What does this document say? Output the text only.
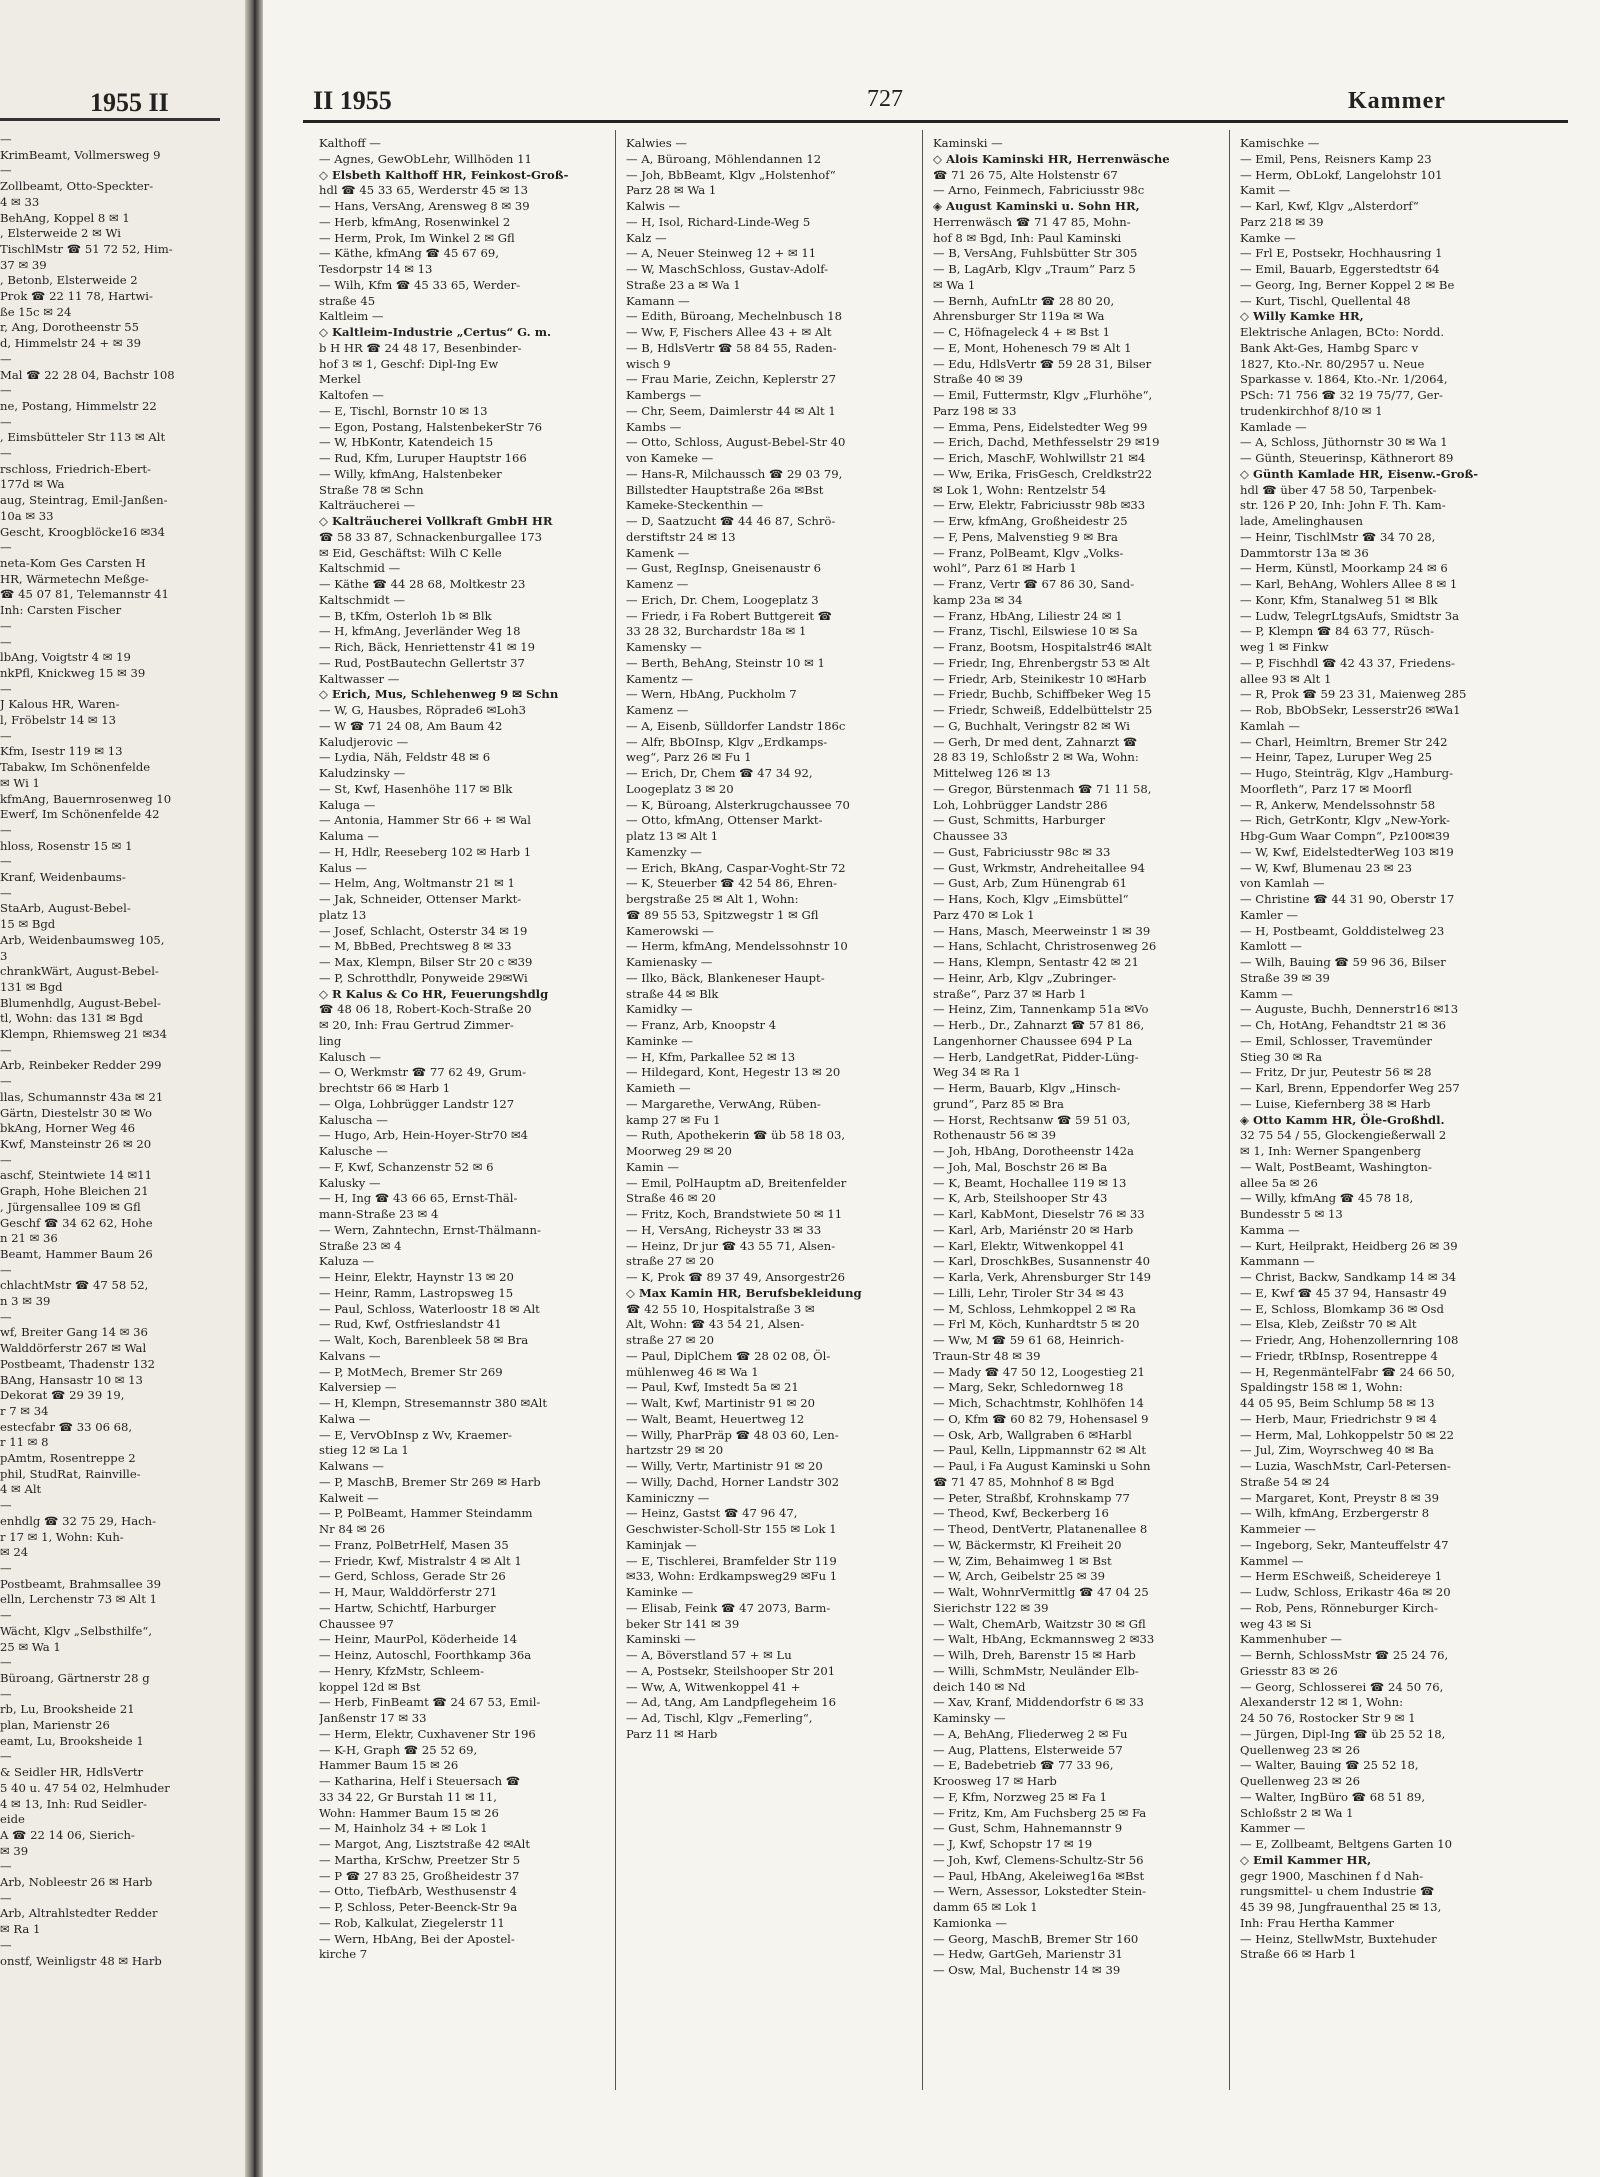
1955 II
—
KrimBeamt, Vollmersweg 9
—
Zollbeamt, Otto-Speckter-
4 ✉ 33
BehAng, Koppel 8 ✉ 1
, Elsterweide 2 ✉ Wi
TischlMstr ☎ 51 72 52, Him-
37 ✉ 39
, Betonb, Elsterweide 2
Prok ☎ 22 11 78, Hartwi-
ße 15c ✉ 24
r, Ang, Dorotheenstr 55
d, Himmelstr 24 + ✉ 39
—
Mal ☎ 22 28 04, Bachstr 108
—
ne, Postang, Himmelstr 22
—
, Eimsbütteler Str 113 ✉ Alt
—
rschloss, Friedrich-Ebert-
177d ✉ Wa
aug, Steintrag, Emil-Janßen-
10a ✉ 33
Gescht, Kroogblöcke16 ✉34
—
neta-Kom Ges Carsten H
HR, Wärmetechn Meßge-
☎ 45 07 81, Telemannstr 41
Inh: Carsten Fischer
—
—
lbAng, Voigtstr 4 ✉ 19
nkPfl, Knickweg 15 ✉ 39
—
J Kalous HR, Waren-
l, Fröbelstr 14 ✉ 13
—
Kfm, Isestr 119 ✉ 13
Tabakw, Im Schönenfelde
✉ Wi 1
kfmAng, Bauernrosenweg 10
Ewerf, Im Schönenfelde 42
—
hloss, Rosenstr 15 ✉ 1
—
Kranf, Weidenbaums-
—
StaArb, August-Bebel-
15 ✉ Bgd
Arb, Weidenbaumsweg 105,
3
chrankWärt, August-Bebel-
131 ✉ Bgd
Blumenhdlg, August-Bebel-
tl, Wohn: das 131 ✉ Bgd
Klempn, Rhiemsweg 21 ✉34
—
Arb, Reinbeker Redder 299
—
llas, Schumannstr 43a ✉ 21
Gärtn, Diestelstr 30 ✉ Wo
bkAng, Horner Weg 46
Kwf, Mansteinstr 26 ✉ 20
—
aschf, Steintwiete 14 ✉11
Graph, Hohe Bleichen 21
, Jürgensallee 109 ✉ Gfl
Geschf ☎ 34 62 62, Hohe
n 21 ✉ 36
Beamt, Hammer Baum 26
—
chlachtMstr ☎ 47 58 52,
n 3 ✉ 39
—
wf, Breiter Gang 14 ✉ 36
Walddörferstr 267 ✉ Wal
Postbeamt, Thadenstr 132
BAng, Hansastr 10 ✉ 13
Dekorat ☎ 29 39 19,
r 7 ✉ 34
estecfabr ☎ 33 06 68,
r 11 ✉ 8
pAmtm, Rosentreppe 2
phil, StudRat, Rainville-
4 ✉ Alt
—
enhdlg ☎ 32 75 29, Hach-
r 17 ✉ 1, Wohn: Kuh-
✉ 24
—
Postbeamt, Brahmsallee 39
elln, Lerchenstr 73 ✉ Alt 1
—
Wächt, Klgv „Selbsthilfe“,
25 ✉ Wa 1
—
Büroang, Gärtnerstr 28 g
—
rb, Lu, Brooksheide 21
plan, Marienstr 26
eamt, Lu, Brooksheide 1
—
& Seidler HR, HdlsVertr
5 40 u. 47 54 02, Helmhuder
4 ✉ 13, Inh: Rud Seidler-
eide
A ☎ 22 14 06, Sierich-
✉ 39
—
Arb, Nobleestr 26 ✉ Harb
—
Arb, Altrahlstedter Redder
✉ Ra 1
—
onstf, Weinligstr 48 ✉ Harb
II 1955	727	Kammer
Kalthoff —
— Agnes, GewObLehr, Willhöden 11
◇ Elsbeth Kalthoff HR, Feinkost-Groß-
hdl ☎ 45 33 65, Werderstr 45 ✉ 13
— Hans, VersAng, Arensweg 8 ✉ 39
— Herb, kfmAng, Rosenwinkel 2
— Herm, Prok, Im Winkel 2 ✉ Gfl
— Käthe, kfmAng ☎ 45 67 69,
Tesdorpstr 14 ✉ 13
— Wilh, Kfm ☎ 45 33 65, Werder-
straße 45
Kaltleim —
◇ Kaltleim-Industrie „Certus“ G. m.
b H HR ☎ 24 48 17, Besenbinder-
hof 3 ✉ 1, Geschf: Dipl-Ing Ew
Merkel
Kaltofen —
— E, Tischl, Bornstr 10 ✉ 13
— Egon, Postang, HalstenbekerStr 76
— W, HbKontr, Katendeich 15
— Rud, Kfm, Luruper Hauptstr 166
— Willy, kfmAng, Halstenbeker
Straße 78 ✉ Schn
Kalträucherei —
◇ Kalträucherei Vollkraft GmbH HR
☎ 58 33 87, Schnackenburgallee 173
✉ Eid, Geschäftst: Wilh C Kelle
Kaltschmid —
— Käthe ☎ 44 28 68, Moltkestr 23
Kaltschmidt —
— B, tKfm, Osterloh 1b ✉ Blk
— H, kfmAng, Jeverländer Weg 18
— Rich, Bäck, Henriettenstr 41 ✉ 19
— Rud, PostBautechn Gellertstr 37
Kaltwasser —
◇ Erich, Mus, Schlehenweg 9 ✉ Schn
— W, G, Hausbes, Röpradе6 ✉Loh3
— W ☎ 71 24 08, Am Baum 42
Kaludjerovic —
— Lydia, Näh, Feldstr 48 ✉ 6
Kaludzinsky —
— St, Kwf, Hasenhöhe 117 ✉ Blk
Kaluga —
— Antonia, Hammer Str 66 + ✉ Wal
Kaluma —
— H, Hdlr, Reeseberg 102 ✉ Harb 1
Kalus —
— Helm, Ang, Woltmanstr 21 ✉ 1
— Jak, Schneider, Ottenser Markt-
platz 13
— Josef, Schlacht, Osterstr 34 ✉ 19
— M, BbBed, Prechtsweg 8 ✉ 33
— Max, Klempn, Bilser Str 20 c ✉39
— P, Schrotthdlr, Ponyweide 29✉Wi
◇ R Kalus & Co HR, Feuerungshdlg
☎ 48 06 18, Robert-Koch-Straße 20
✉ 20, Inh: Frau Gertrud Zimmer-
ling
Kalusch —
— O, Werkmstr ☎ 77 62 49, Grum-
brechtstr 66 ✉ Harb 1
— Olga, Lohbrügger Landstr 127
Kaluscha —
— Hugo, Arb, Hein-Hoyer-Str70 ✉4
Kalusche —
— F, Kwf, Schanzenstr 52 ✉ 6
Kalusky —
— H, Ing ☎ 43 66 65, Ernst-Thäl-
mann-Straße 23 ✉ 4
— Wern, Zahntechn, Ernst-Thälmann-
Straße 23 ✉ 4
Kaluza —
— Heinr, Elektr, Haynstr 13 ✉ 20
— Heinr, Ramm, Lastropsweg 15
— Paul, Schloss, Waterloostr 18 ✉ Alt
— Rud, Kwf, Ostfrieslandstr 41
— Walt, Koch, Barenbleek 58 ✉ Bra
Kalvans —
— P, MotMech, Bremer Str 269
Kalversiep —
— H, Klempn, Stresemannstr 380 ✉Alt
Kalwa —
— E, VervObInsp z Wv, Kraemer-
stieg 12 ✉ La 1
Kalwans —
— P, MaschB, Bremer Str 269 ✉ Harb
Kalweit —
— P, PolBeamt, Hammer Steindamm
Nr 84 ✉ 26
— Franz, PolBetrHelf, Masen 35
— Friedr, Kwf, Mistralstr 4 ✉ Alt 1
— Gerd, Schloss, Gerade Str 26
— H, Maur, Walddörferstr 271
— Hartw, Schichtf, Harburger
Chaussee 97
— Heinr, MaurPol, Köderheide 14
— Heinz, Autoschl, Foorthkamp 36a
— Henry, KfzMstr, Schleem-
koppel 12d ✉ Bst
— Herb, FinBeamt ☎ 24 67 53, Emil-
Janßenstr 17 ✉ 33
— Herm, Elektr, Cuxhavener Str 196
— K-H, Graph ☎ 25 52 69,
Hammer Baum 15 ✉ 26
— Katharina, Helf i Steuersach ☎
33 34 22, Gr Burstah 11 ✉ 11,
Wohn: Hammer Baum 15 ✉ 26
— M, Hainholz 34 + ✉ Lok 1
— Margot, Ang, Lisztstraße 42 ✉Alt
— Martha, KrSchw, Preetzer Str 5
— P ☎ 27 83 25, Großheidestr 37
— Otto, TiefbArb, Westhusenstr 4
— P, Schloss, Peter-Beenck-Str 9a
— Rob, Kalkulat, Ziegelerstr 11
— Wern, HbAng, Bei der Apostel-
kirche 7
Kalwies —
— A, Büroang, Möhlendannen 12
— Joh, BbBeamt, Klgv „Holstenhof“
Parz 28 ✉ Wa 1
Kalwis —
— H, Isol, Richard-Linde-Weg 5
Kalz —
— A, Neuer Steinweg 12 + ✉ 11
— W, MaschSchloss, Gustav-Adolf-
Straße 23 a ✉ Wa 1
Kamann —
— Edith, Büroang, Mechelnbusch 18
— Ww, F, Fischers Allee 43 + ✉ Alt
— B, HdlsVertr ☎ 58 84 55, Raden-
wisch 9
— Frau Marie, Zeichn, Keplerstr 27
Kambergs —
— Chr, Seem, Daimlerstr 44 ✉ Alt 1
Kambs —
— Otto, Schloss, August-Bebel-Str 40
von Kameke —
— Hans-R, Milchaussch ☎ 29 03 79,
Billstedter Hauptstraße 26a ✉Bst
Kameke-Steckenthin —
— D, Saatzucht ☎ 44 46 87, Schrö-
derstiftstr 24 ✉ 13
Kamenk —
— Gust, RegInsp, Gneisenaustr 6
Kamenz —
— Erich, Dr. Chem, Loogeplatz 3
— Friedr, i Fa Robert Buttgereit ☎
33 28 32, Burchardstr 18a ✉ 1
Kamensky —
— Berth, BehAng, Steinstr 10 ✉ 1
Kamentz —
— Wern, HbAng, Puckholm 7
Kamenz —
— A, Eisenb, Sülldorfer Landstr 186c
— Alfr, BbOInsp, Klgv „Erdkamps-
weg“, Parz 26 ✉ Fu 1
— Erich, Dr, Chem ☎ 47 34 92,
Loogeplatz 3 ✉ 20
— K, Büroang, Alsterkrugchaussee 70
— Otto, kfmAng, Ottenser Markt-
platz 13 ✉ Alt 1
Kamenzky —
— Erich, BkAng, Caspar-Voght-Str 72
— K, Steuerber ☎ 42 54 86, Ehren-
bergstraße 25 ✉ Alt 1, Wohn:
☎ 89 55 53, Spitzwegstr 1 ✉ Gfl
Kamerowski —
— Herm, kfmAng, Mendelssohnstr 10
Kamienasky —
— Ilko, Bäck, Blankeneser Haupt-
straße 44 ✉ Blk
Kamidky —
— Franz, Arb, Knoopstr 4
Kaminke —
— H, Kfm, Parkallee 52 ✉ 13
— Hildegard, Kont, Hegestr 13 ✉ 20
Kamieth —
— Margarethe, VerwAng, Rüben-
kamp 27 ✉ Fu 1
— Ruth, Apothekerin ☎ üb 58 18 03,
Moorweg 29 ✉ 20
Kamin —
— Emil, PolHauptm aD, Breitenfelder
Straße 46 ✉ 20
— Fritz, Koch, Brandstwiete 50 ✉ 11
— H, VersAng, Richeystr 33 ✉ 33
— Heinz, Dr jur ☎ 43 55 71, Alsen-
straße 27 ✉ 20
— K, Prok ☎ 89 37 49, Ansorgestr26
◇ Max Kamin HR, Berufsbekleidung
☎ 42 55 10, Hospitalstraße 3 ✉
Alt, Wohn: ☎ 43 54 21, Alsen-
straße 27 ✉ 20
— Paul, DiplChem ☎ 28 02 08, Öl-
mühlenweg 46 ✉ Wa 1
— Paul, Kwf, Imstedt 5a ✉ 21
— Walt, Kwf, Martinistr 91 ✉ 20
— Walt, Beamt, Heuertweg 12
— Willy, PharPräp ☎ 48 03 60, Len-
hartzstr 29 ✉ 20
— Willy, Vertr, Martinistr 91 ✉ 20
— Willy, Dachd, Horner Landstr 302
Kaminiczny —
— Heinz, Gastst ☎ 47 96 47,
Geschwister-Scholl-Str 155 ✉ Lok 1
Kaminjak —
— E, Tischlerei, Bramfelder Str 119
✉33, Wohn: Erdkampsweg29 ✉Fu 1
Kaminke —
— Elisab, Feink ☎ 47 2073, Barm-
beker Str 141 ✉ 39
Kaminski —
— A, Böverstland 57 + ✉ Lu
— A, Postsekr, Steilshooper Str 201
— Ww, A, Witwenkoppel 41 +
— Ad, tAng, Am Landpflegeheim 16
— Ad, Tischl, Klgv „Femerling“,
Parz 11 ✉ Harb
Kaminski —
◇ Alois Kaminski HR, Herrenwäsche
☎ 71 26 75, Alte Holstenstr 67
— Arno, Feinmech, Fabriciusstr 98c
◈ August Kaminski u. Sohn HR,
Herrenwäsch ☎ 71 47 85, Mohn-
hof 8 ✉ Bgd, Inh: Paul Kaminski
— B, VersAng, Fuhlsbütter Str 305
— B, LagArb, Klgv „Traum“ Parz 5
✉ Wa 1
— Bernh, AufnLtr ☎ 28 80 20,
Ahrensburger Str 119a ✉ Wa
— C, Höfnageleck 4 + ✉ Bst 1
— E, Mont, Hohenesch 79 ✉ Alt 1
— Edu, HdlsVertr ☎ 59 28 31, Bilser
Straße 40 ✉ 39
— Emil, Futtermstr, Klgv „Flurhöhe“,
Parz 198 ✉ 33
— Emma, Pens, Eidelstedter Weg 99
— Erich, Dachd, Methfesselstr 29 ✉19
— Erich, MaschF, Wohlwillstr 21 ✉4
— Ww, Erika, FrisGesch, Creldkstr22
✉ Lok 1, Wohn: Rentzelstr 54
— Erw, Elektr, Fabriciusstr 98b ✉33
— Erw, kfmAng, Großheidestr 25
— F, Pens, Malvenstieg 9 ✉ Bra
— Franz, PolBeamt, Klgv „Volks-
wohl“, Parz 61 ✉ Harb 1
— Franz, Vertr ☎ 67 86 30, Sand-
kamp 23a ✉ 34
— Franz, HbAng, Liliestr 24 ✉ 1
— Franz, Tischl, Eilswiese 10 ✉ Sa
— Franz, Bootsm, Hospitalstr46 ✉Alt
— Friedr, Ing, Ehrenbergstr 53 ✉ Alt
— Friedr, Arb, Steinikestr 10 ✉Harb
— Friedr, Buchb, Schiffbeker Weg 15
— Friedr, Schweiß, Eddelbüttelstr 25
— G, Buchhalt, Veringstr 82 ✉ Wi
— Gerh, Dr med dent, Zahnarzt ☎
28 83 19, Schloßstr 2 ✉ Wa, Wohn:
Mittelweg 126 ✉ 13
— Gregor, Bürstenmach ☎ 71 11 58,
Loh, Lohbrügger Landstr 286
— Gust, Schmitts, Harburger
Chaussee 33
— Gust, Fabriciusstr 98c ✉ 33
— Gust, Wrkmstr, Andreheitallee 94
— Gust, Arb, Zum Hünengrab 61
— Hans, Koch, Klgv „Eimsbüttel“
Parz 470 ✉ Lok 1
— Hans, Masch, Meerweinstr 1 ✉ 39
— Hans, Schlacht, Christrosenweg 26
— Hans, Klempn, Sentastr 42 ✉ 21
— Heinr, Arb, Klgv „Zubringer-
straße“, Parz 37 ✉ Harb 1
— Heinz, Zim, Tannenkamp 51a ✉Vo
— Herb., Dr., Zahnarzt ☎ 57 81 86,
Langenhorner Chaussee 694 P La
— Herb, LandgetRat, Pidder-Lüng-
Weg 34 ✉ Ra 1
— Herm, Bauarb, Klgv „Hinsch-
grund“, Parz 85 ✉ Bra
— Horst, Rechtsanw ☎ 59 51 03,
Rothenaustr 56 ✉ 39
— Joh, HbAng, Dorotheenstr 142a
— Joh, Mal, Boschstr 26 ✉ Ba
— K, Beamt, Hochallee 119 ✉ 13
— K, Arb, Steilshooper Str 43
— Karl, KabMont, Dieselstr 76 ✉ 33
— Karl, Arb, Mariénstr 20 ✉ Harb
— Karl, Elektr, Witwenkoppel 41
— Karl, DroschkBes, Susannenstr 40
— Karla, Verk, Ahrensburger Str 149
— Lilli, Lehr, Tiroler Str 34 ✉ 43
— M, Schloss, Lehmkoppel 2 ✉ Ra
— Frl M, Köch, Kunhardtstr 5 ✉ 20
— Ww, M ☎ 59 61 68, Heinrich-
Traun-Str 48 ✉ 39
— Mady ☎ 47 50 12, Loogestieg 21
— Marg, Sekr, Schledornweg 18
— Mich, Schachtmstr, Kohlhöfen 14
— O, Kfm ☎ 60 82 79, Hohensasel 9
— Osk, Arb, Wallgraben 6 ✉Harbl
— Paul, Kelln, Lippmannstr 62 ✉ Alt
— Paul, i Fa August Kaminski u Sohn
☎ 71 47 85, Mohnhof 8 ✉ Bgd
— Peter, Straßbf, Krohnskamp 77
— Theod, Kwf, Beckerberg 16
— Theod, DentVertr, Platanenallee 8
— W, Bäckermstr, Kl Freiheit 20
— W, Zim, Behaimweg 1 ✉ Bst
— W, Arch, Geibelstr 25 ✉ 39
— Walt, WohnrVermittlg ☎ 47 04 25
Sierichstr 122 ✉ 39
— Walt, ChemArb, Waitzstr 30 ✉ Gfl
— Walt, HbAng, Eckmannsweg 2 ✉33
— Wilh, Dreh, Barenstr 15 ✉ Harb
— Willi, SchmMstr, Neuländer Elb-
deich 140 ✉ Nd
— Xav, Kranf, Middendorfstr 6 ✉ 33
Kaminsky —
— A, BehAng, Fliederweg 2 ✉ Fu
— Aug, Plattens, Elsterweide 57
— E, Badebetrieb ☎ 77 33 96,
Kroosweg 17 ✉ Harb
— F, Kfm, Norzweg 25 ✉ Fa 1
— Fritz, Km, Am Fuchsberg 25 ✉ Fa
— Gust, Schm, Hahnemannstr 9
— J, Kwf, Schopstr 17 ✉ 19
— Joh, Kwf, Clemens-Schultz-Str 56
— Paul, HbAng, Akeleiweg16a ✉Bst
— Wern, Assessor, Lokstedter Stein-
damm 65 ✉ Lok 1
Kamionka —
— Georg, MaschB, Bremer Str 160
— Hedw, GartGeh, Marienstr 31
— Osw, Mal, Buchenstr 14 ✉ 39
Kamischke —
— Emil, Pens, Reisners Kamp 23
— Herm, ObLokf, Langelohstr 101
Kamit —
— Karl, Kwf, Klgv „Alsterdorf“
Parz 218 ✉ 39
Kamke —
— Frl E, Postsekr, Hochhausring 1
— Emil, Bauarb, Eggerstedtstr 64
— Georg, Ing, Berner Koppel 2 ✉ Be
— Kurt, Tischl, Quellental 48
◇ Willy Kamke HR,
Elektrische Anlagen, BCto: Nordd.
Bank Akt-Ges, Hambg Sparc v
1827, Kto.-Nr. 80/2957 u. Neue
Sparkasse v. 1864, Kto.-Nr. 1/2064,
PSch: 71 756 ☎ 32 19 75/77, Ger-
trudenkirchhof 8/10 ✉ 1
Kamlade —
— A, Schloss, Jüthornstr 30 ✉ Wa 1
— Günth, Steuerinsp, Käthnerort 89
◇ Günth Kamlade HR, Eisenw.-Groß-
hdl ☎ über 47 58 50, Tarpenbek-
str. 126 P 20, Inh: John F. Th. Kam-
lade, Amelinghausen
— Heinr, TischlMstr ☎ 34 70 28,
Dammtorstr 13a ✉ 36
— Herm, Künstl, Moorkamp 24 ✉ 6
— Karl, BehAng, Wohlers Allee 8 ✉ 1
— Konr, Kfm, Stanalweg 51 ✉ Blk
— Ludw, TelegrLtgsAufs, Smidtstr 3a
— P, Klempn ☎ 84 63 77, Rüsch-
weg 1 ✉ Finkw
— P, Fischhdl ☎ 42 43 37, Friedens-
allee 93 ✉ Alt 1
— R, Prok ☎ 59 23 31, Maienweg 285
— Rob, BbObSekr, Lesserstr26 ✉Wa1
Kamlah —
— Charl, Heimltrn, Bremer Str 242
— Heinr, Tapez, Luruper Weg 25
— Hugo, Steinträg, Klgv „Hamburg-
Moorfleth“, Parz 17 ✉ Moorfl
— R, Ankerw, Mendelssohnstr 58
— Rich, GetrKontr, Klgv „New-York-
Hbg-Gum Waar Compn“, Pz100✉39
— W, Kwf, EidelstedterWeg 103 ✉19
— W, Kwf, Blumenau 23 ✉ 23
von Kamlah —
— Christine ☎ 44 31 90, Oberstr 17
Kamler —
— H, Postbeamt, Golddistelweg 23
Kamlott —
— Wilh, Bauing ☎ 59 96 36, Bilser
Straße 39 ✉ 39
Kamm —
— Auguste, Buchh, Dennerstr16 ✉13
— Ch, HotAng, Fehandtstr 21 ✉ 36
— Emil, Schlosser, Travemünder
Stieg 30 ✉ Ra
— Fritz, Dr jur, Peutestr 56 ✉ 28
— Karl, Brenn, Eppendorfer Weg 257
— Luise, Kiefernberg 38 ✉ Harb
◈ Otto Kamm HR, Öle-Großhdl.
32 75 54 / 55, Glockengießerwall 2
✉ 1, Inh: Werner Spangenberg
— Walt, PostBeamt, Washington-
allee 5a ✉ 26
— Willy, kfmAng ☎ 45 78 18,
Bundesstr 5 ✉ 13
Kamma —
— Kurt, Heilprakt, Heidberg 26 ✉ 39
Kammann —
— Christ, Backw, Sandkamp 14 ✉ 34
— E, Kwf ☎ 45 37 94, Hansastr 49
— E, Schloss, Blomkamp 36 ✉ Osd
— Elsa, Kleb, Zeißstr 70 ✉ Alt
— Friedr, Ang, Hohenzollernring 108
— Friedr, tRbInsp, Rosentreppe 4
— H, RegenmäntelFabr ☎ 24 66 50,
Spaldingstr 158 ✉ 1, Wohn:
44 05 95, Beim Schlump 58 ✉ 13
— Herb, Maur, Friedrichstr 9 ✉ 4
— Herm, Mal, Lohkoppelstr 50 ✉ 22
— Jul, Zim, Woyrschweg 40 ✉ Ba
— Luzia, WaschMstr, Carl-Petersen-
Straße 54 ✉ 24
— Margaret, Kont, Preystr 8 ✉ 39
— Wilh, kfmAng, Erzbergerstr 8
Kammeier —
— Ingeborg, Sekr, Manteuffelstr 47
Kammel —
— Herm ESchweiß, Scheidereye 1
— Ludw, Schloss, Erikastr 46a ✉ 20
— Rob, Pens, Rönneburger Kirch-
weg 43 ✉ Si
Kammenhuber —
— Bernh, SchlossMstr ☎ 25 24 76,
Griesstr 83 ✉ 26
— Georg, Schlosserei ☎ 24 50 76,
Alexanderstr 12 ✉ 1, Wohn:
24 50 76, Rostocker Str 9 ✉ 1
— Jürgen, Dipl-Ing ☎ üb 25 52 18,
Quellenweg 23 ✉ 26
— Walter, Bauing ☎ 25 52 18,
Quellenweg 23 ✉ 26
— Walter, IngBüro ☎ 68 51 89,
Schloßstr 2 ✉ Wa 1
Kammer —
— E, Zollbeamt, Beltgens Garten 10
◇ Emil Kammer HR,
gegr 1900, Maschinen f d Nah-
rungsmittel- u chem Industrie ☎
45 39 98, Jungfrauenthal 25 ✉ 13,
Inh: Frau Hertha Kammer
— Heinz, StellwMstr, Buxtehuder
Straße 66 ✉ Harb 1
